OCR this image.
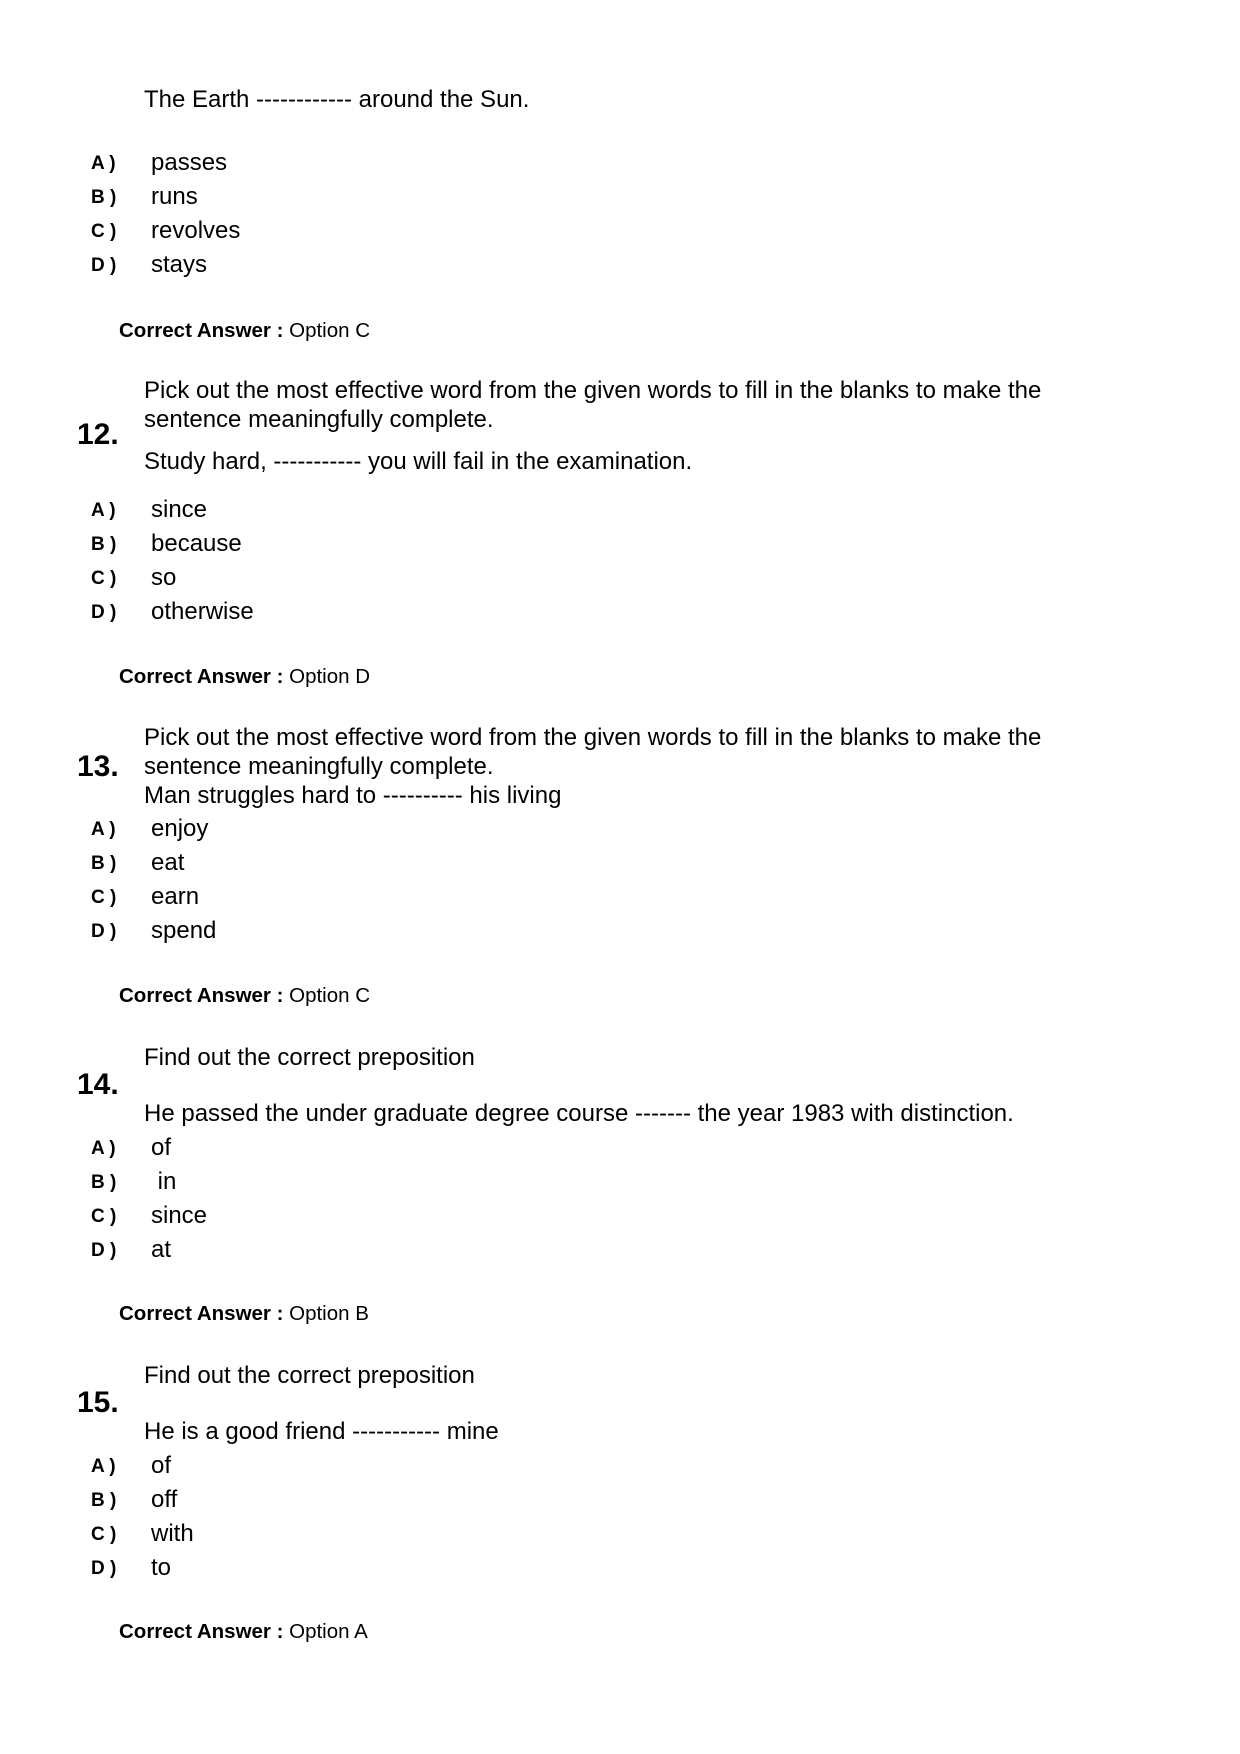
The Earth ------------ around the Sun.
A ) passes
B ) runs
C ) revolves
D ) stays
Correct Answer : Option C
12.
Pick out the most effective word from the given words to fill in the blanks to make the
sentence meaningfully complete.
Study hard, ----------- you will fail in the examination.
A ) since
B ) because
C ) so
D ) otherwise
Correct Answer : Option D
13.
Pick out the most effective word from the given words to fill in the blanks to make the
sentence meaningfully complete.
Man struggles hard to ---------- his living
A ) enjoy
B ) eat
C ) earn
D ) spend
Correct Answer : Option C
14.
Find out the correct preposition
He passed the under graduate degree course ------- the year 1983 with distinction.
A ) of
B ) in
C ) since
D ) at
Correct Answer : Option B
15.
Find out the correct preposition
He is a good friend ----------- mine
A ) of
B ) off
C ) with
D ) to
Correct Answer : Option A
